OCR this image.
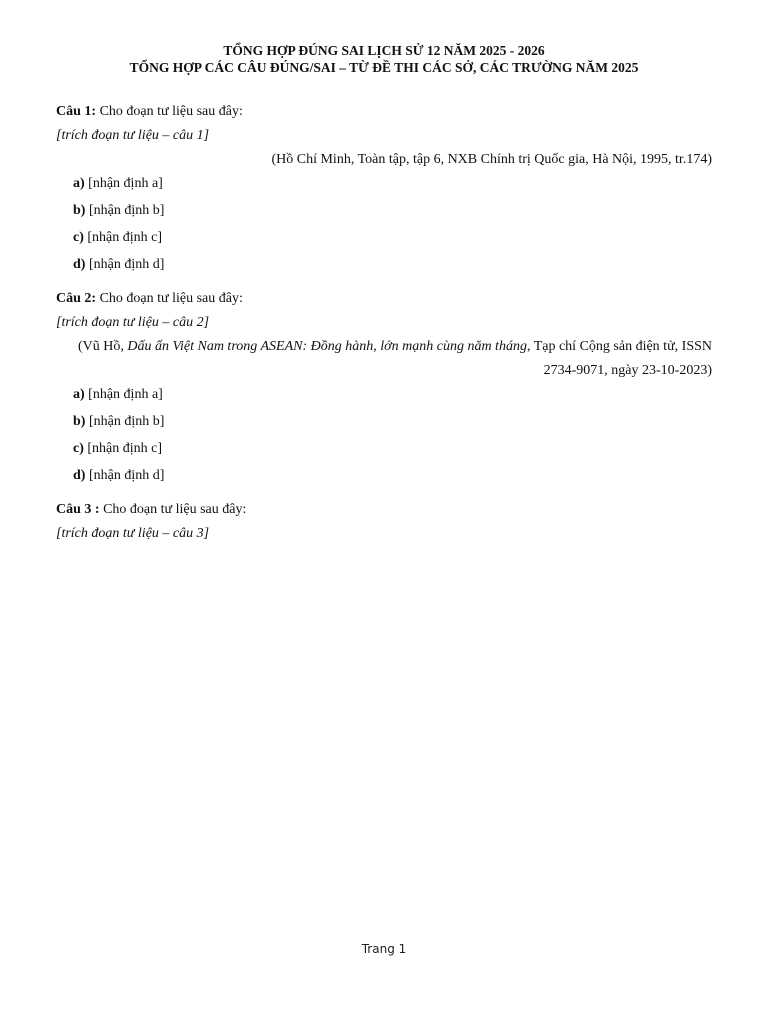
TỔNG HỢP ĐÚNG SAI LỊCH SỬ 12 NĂM 2025 - 2026
TỔNG HỢP CÁC CÂU ĐÚNG/SAI – TỪ ĐỀ THI CÁC SỞ, CÁC TRƯỜNG NĂM 2025
Câu 1: Cho đoạn tư liệu sau đây:
[trích đoạn tư liệu – câu 1]
(Hồ Chí Minh, Toàn tập, tập 6, NXB Chính trị Quốc gia, Hà Nội, 1995, tr.174)
a) [nhận định a]
b) [nhận định b]
c) [nhận định c]
d) [nhận định d]
Câu 2: Cho đoạn tư liệu sau đây:
[trích đoạn tư liệu – câu 2]
(Vũ Hồ, Dấu ấn Việt Nam trong ASEAN: Đồng hành, lớn mạnh cùng năm tháng, Tạp chí Cộng sản điện tử, ISSN 2734-9071, ngày 23-10-2023)
a) [nhận định a]
b) [nhận định b]
c) [nhận định c]
d) [nhận định d]
Câu 3 : Cho đoạn tư liệu sau đây:
[trích đoạn tư liệu – câu 3]
Trang 1
